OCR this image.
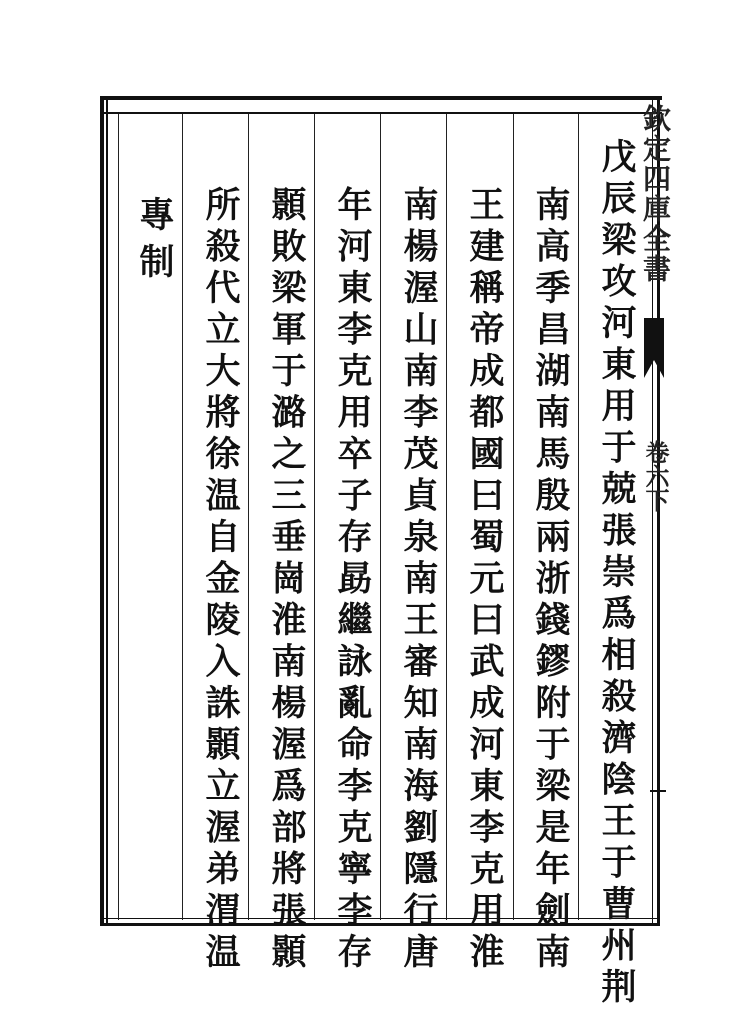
欽定四庫全書
卷六下
戊辰梁攻河東用于兢張崇爲相殺濟陰王于曹州荆
南高季昌湖南馬殷兩浙錢鏐附于梁是年劍南
王建稱帝成都國曰蜀元曰武成河東李克用淮
南楊渥山南李茂貞泉南王審知南海劉隱行唐
年河東李克用卒子存勗繼詠亂命李克寧李存
顥敗梁軍于潞之三垂崗淮南楊渥爲部將張顥
所殺代立大將徐温自金陵入誅顥立渥弟渭温
專制
